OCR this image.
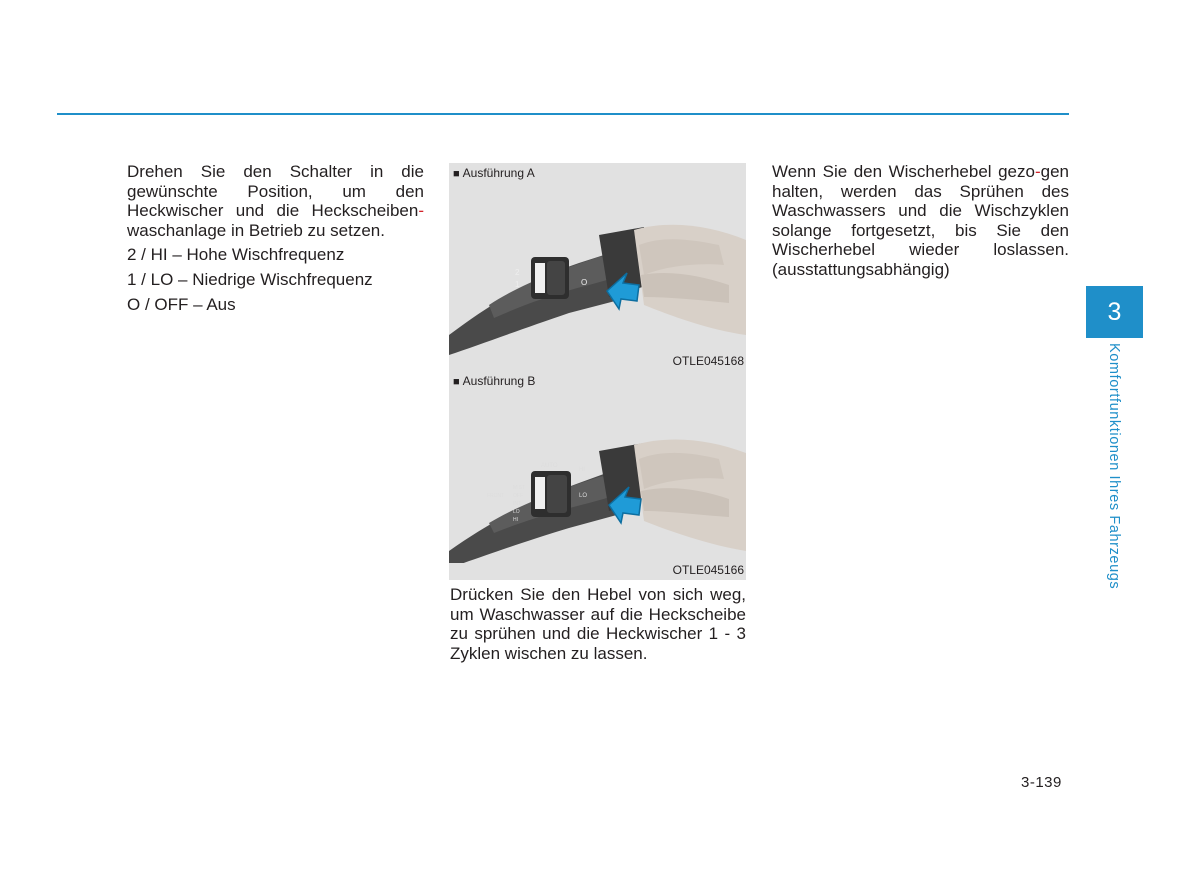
Drehen Sie den Schalter in die gewünschte Position, um den Heckwischer und die Heckscheiben- waschanlage in Betrieb zu setzen.

2 / HI – Hohe Wischfrequenz
1 / LO – Niedrige Wischfrequenz
O / OFF – Aus
■ Ausführung A
2
1	O
OTLE045168
■ Ausführung B
AUTO
HI
LO
MIST
OFF
INT
LO
HI
FRONT
OTLE045166

Drücken Sie den Hebel von sich weg, um Waschwasser auf die Heckscheibe zu sprühen und die Heckwischer 1 - 3 Zyklen wischen zu lassen.

Wenn Sie den Wischerhebel gezo-gen halten, werden das Sprühen des Waschwassers und die Wischzyklen solange fortgesetzt, bis Sie den Wischerhebel wieder loslassen. (ausstattungsabhängig)

3
Komfortfunktionen Ihres Fahrzeugs
3-139
